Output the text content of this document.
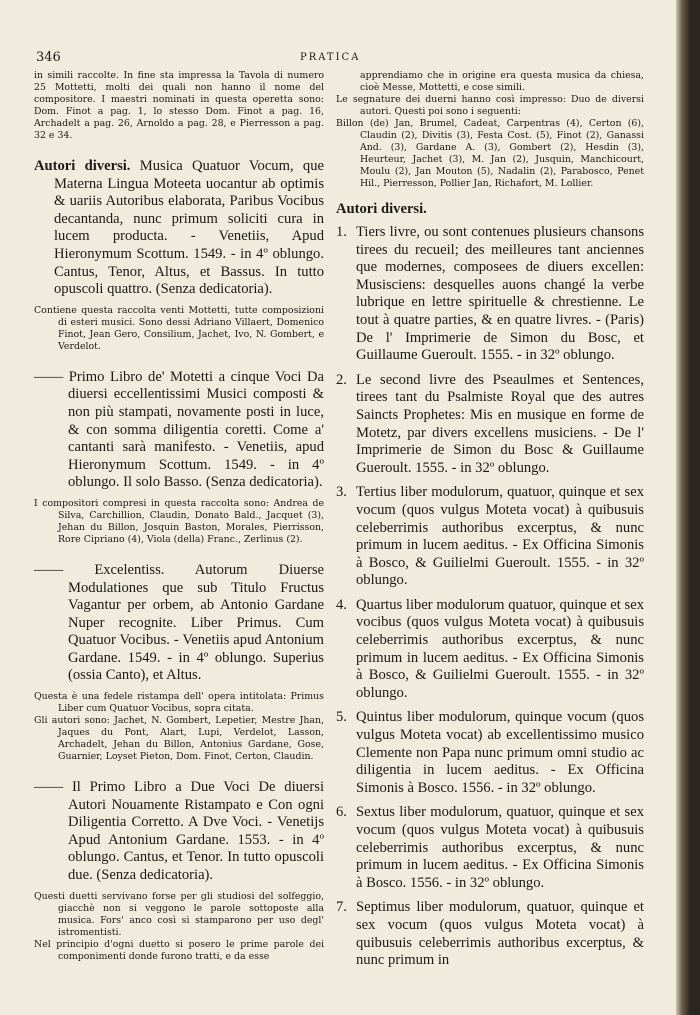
346	PRATICA

in simili raccolte. In fine sta impressa la Tavola di numero 25 Mottetti, molti dei quali non hanno il nome del compositore. I maestri nominati in questa operetta sono: Dom. Finot a pag. 1, lo stesso Dom. Finot a pag. 16, Archadelt a pag. 26, Arnoldo a pag. 28, e Pierresson a pag. 32 e 34.

Autori diversi. Musica Quatuor Vocum, que Materna Lingua Moteeta uocantur ab optimis & uariis Autoribus elaborata, Paribus Vocibus decantanda, nunc primum soliciti cura in lucem producta. - Venetiis, Apud Hieronymum Scottum. 1549. - in 4º oblungo. Cantus, Tenor, Altus, et Bassus. In tutto opuscoli quattro. (Senza dedicatoria).

Contiene questa raccolta venti Mottetti, tutte composizioni di esteri musici. Sono dessi Adriano Villaert, Domenico Finot, Jean Gero, Consilium, Jachet, Ivo, N. Gombert, e Verdelot.

—— Primo Libro de' Motetti a cinque Voci Da diuersi eccellentissimi Musici composti & non più stampati, novamente posti in luce, & con somma diligentia coretti. Come a' cantanti sarà manifesto. - Venetiis, apud Hieronymum Scottum. 1549. - in 4º oblungo. Il solo Basso. (Senza dedicatoria).

I compositori compresi in questa raccolta sono: Andrea de Silva, Carchillion, Claudin, Donato Bald., Jacquet (3), Jehan du Billon, Josquin Baston, Morales, Pierrisson, Rore Cipriano (4), Viola (della) Franc., Zerlinus (2).

—— Excelentiss. Autorum Diuerse Modulationes que sub Titulo Fructus Vagantur per orbem, ab Antonio Gardane Nuper recognite. Liber Primus. Cum Quatuor Vocibus. - Venetiis apud Antonium Gardane. 1549. - in 4º oblungo. Superius (ossia Canto), et Altus.

Questa è una fedele ristampa dell' opera intitolata: Primus Liber cum Quatuor Vocibus, sopra citata.

Gli autori sono: Jachet, N. Gombert, Lepetier, Mestre Jhan, Jaques du Pont, Alart, Lupi, Verdelot, Lasson, Archadelt, Jehan du Billon, Antonius Gardane, Gose, Guarnier, Loyset Pieton, Dom. Finot, Certon, Claudin.

—— Il Primo Libro a Due Voci De diuersi Autori Nouamente Ristampato e Con ogni Diligentia Corretto. A Dve Voci. - Venetijs Apud Antonium Gardane. 1553. - in 4º oblungo. Cantus, et Tenor. In tutto opuscoli due. (Senza dedicatoria).

Questi duetti servivano forse per gli studiosi del solfeggio, giacchè non si veggono le parole sottoposte alla musica. Fors' anco così si stamparono per uso degl' istromentisti.

Nel principio d'ogni duetto si posero le prime parole dei componimenti donde furono tratti, e da esse

apprendiamo che in origine era questa musica da chiesa, cioè Messe, Mottetti, e cose simili.

Le segnature dei duerni hanno così impresso: Duo de diversi autori. Questi poi sono i seguenti:

Billon (de) Jan, Brumel, Cadeat, Carpentras (4), Certon (6), Claudin (2), Divitis (3), Festa Cost. (5), Finot (2), Ganassi And. (3), Gardane A. (3), Gombert (2), Hesdin (3), Heurteur, Jachet (3), M. Jan (2), Jusquin, Manchicourt, Moulu (2), Jan Mouton (5), Nadalin (2), Parabosco, Penet Hil., Pierresson, Pollier Jan, Richafort, M. Lollier.

Autori diversi.

1. Tiers livre, ou sont contenues plusieurs chansons tirees du recueil; des meilleures tant anciennes que modernes, composees de diuers excellen: Musisciens: desquelles auons changé la verbe lubrique en lettre spirituelle & chrestienne. Le tout à quatre parties, & en quatre livres. - (Paris) De l' Imprimerie de Simon du Bosc, et Guillaume Gueroult. 1555. - in 32º oblungo.
2. Le second livre des Pseaulmes et Sentences, tirees tant du Psalmiste Royal que des autres Saincts Prophetes: Mis en musique en forme de Motetz, par divers excellens musiciens. - De l' Imprimerie de Simon du Bosc & Guillaume Gueroult. 1555. - in 32º oblungo.
3. Tertius liber modulorum, quatuor, quinque et sex vocum (quos vulgus Moteta vocat) à quibusuis celeberrimis authoribus excerptus, & nunc primum in lucem aeditus. - Ex Officina Simonis à Bosco, & Guilielmi Gueroult. 1555. - in 32º oblungo.
4. Quartus liber modulorum quatuor, quinque et sex vocibus (quos vulgus Moteta vocat) à quibusuis celeberrimis authoribus excerptus, & nunc primum in lucem aeditus. - Ex Officina Simonis à Bosco, & Guilielmi Gueroult. 1555. - in 32º oblungo.
5. Quintus liber modulorum, quinque vocum (quos vulgus Moteta vocat) ab excellentissimo musico Clemente non Papa nunc primum omni studio ac diligentia in lucem aeditus. - Ex Officina Simonis à Bosco. 1556. - in 32º oblungo.
6. Sextus liber modulorum, quatuor, quinque et sex vocum (quos vulgus Moteta vocat) à quibusuis celeberrimis authoribus excerptus, & nunc primum in lucem aeditus. - Ex Officina Simonis à Bosco. 1556. - in 32º oblungo.
7. Septimus liber modulorum, quatuor, quinque et sex vocum (quos vulgus Moteta vocat) à quibusuis celeberrimis authoribus excerptus, & nunc primum in
